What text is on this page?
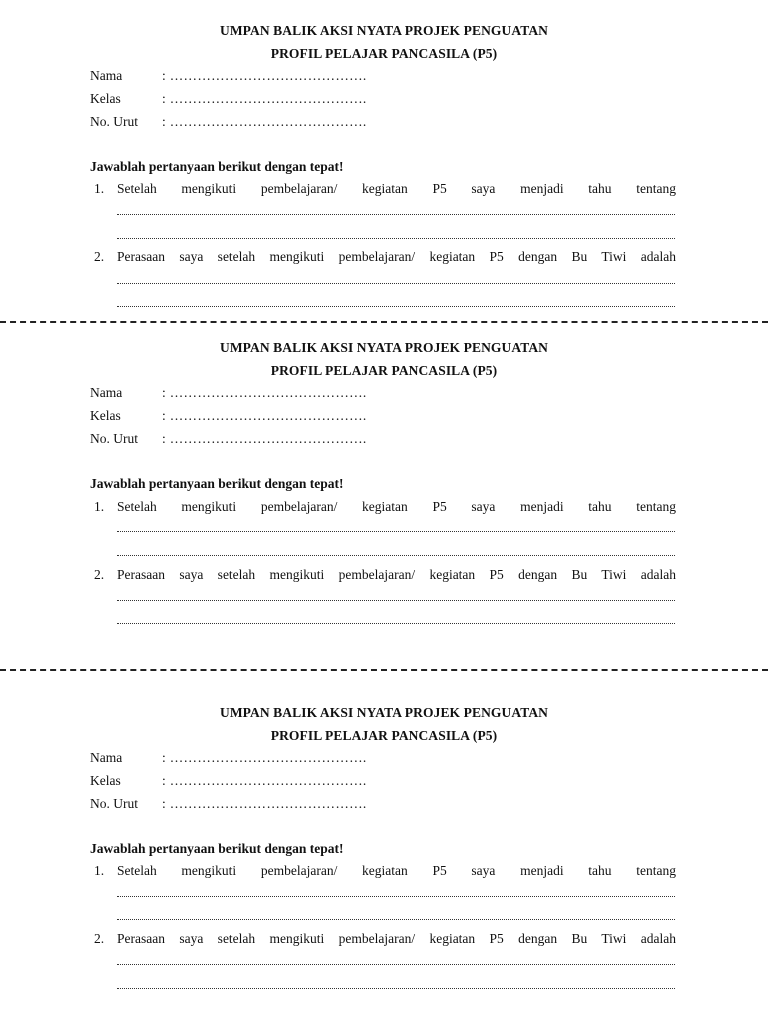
UMPAN BALIK AKSI NYATA PROJEK PENGUATAN
PROFIL PELAJAR PANCASILA (P5)
Nama	: …………………………………….
Kelas	: …………………………………….
No. Urut : …………………………………….
Jawablah pertanyaan berikut dengan tepat!
1. Setelah mengikuti pembelajaran/ kegiatan P5 saya menjadi tahu tentang
2. Perasaan saya setelah mengikuti pembelajaran/ kegiatan P5 dengan Bu Tiwi adalah
UMPAN BALIK AKSI NYATA PROJEK PENGUATAN
PROFIL PELAJAR PANCASILA (P5)
Nama	: …………………………………….
Kelas	: …………………………………….
No. Urut : …………………………………….
Jawablah pertanyaan berikut dengan tepat!
1. Setelah mengikuti pembelajaran/ kegiatan P5 saya menjadi tahu tentang
2. Perasaan saya setelah mengikuti pembelajaran/ kegiatan P5 dengan Bu Tiwi adalah
UMPAN BALIK AKSI NYATA PROJEK PENGUATAN
PROFIL PELAJAR PANCASILA (P5)
Nama	: …………………………………….
Kelas	: …………………………………….
No. Urut : …………………………………….
Jawablah pertanyaan berikut dengan tepat!
1. Setelah mengikuti pembelajaran/ kegiatan P5 saya menjadi tahu tentang
2. Perasaan saya setelah mengikuti pembelajaran/ kegiatan P5 dengan Bu Tiwi adalah
